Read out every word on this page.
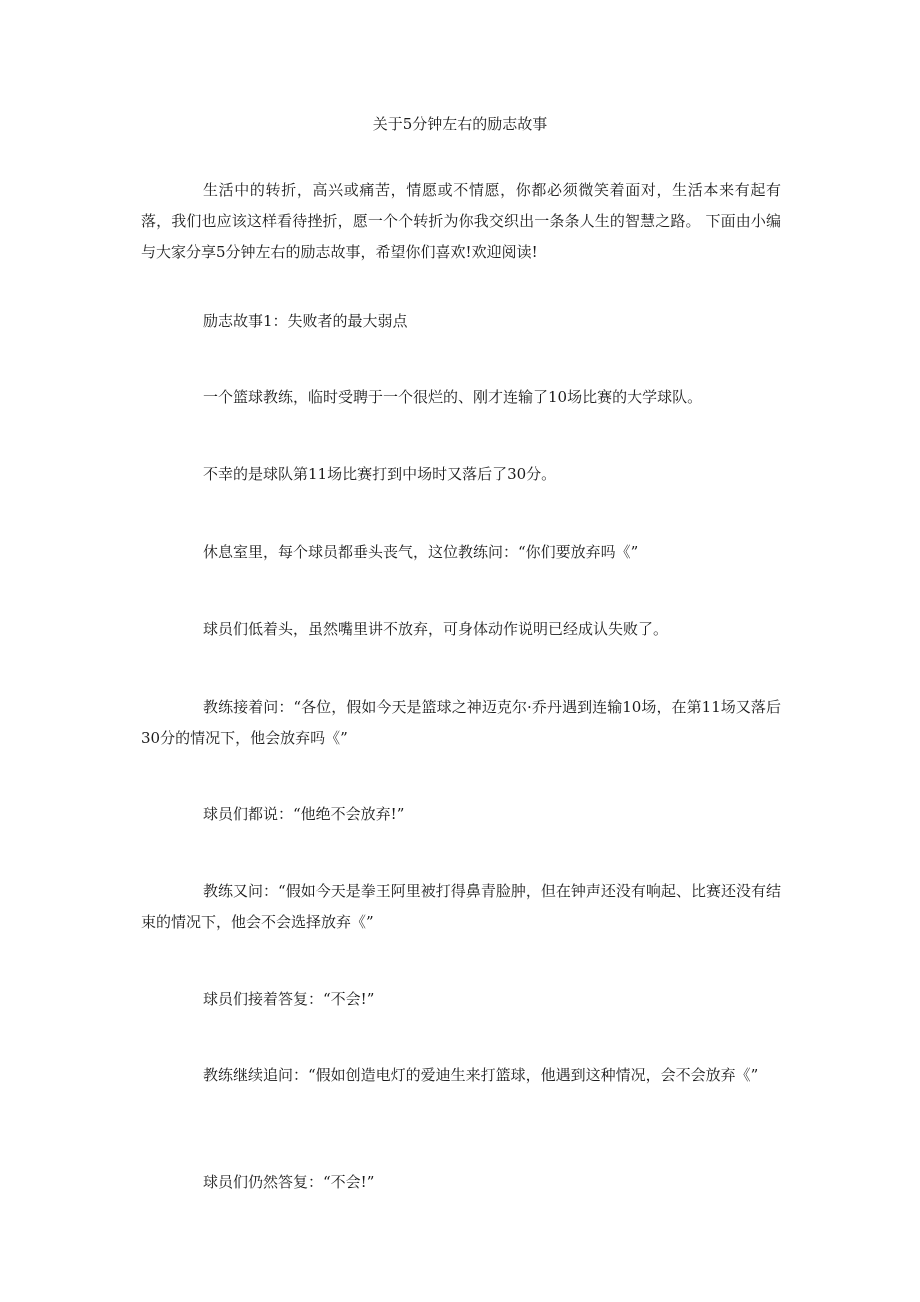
关于5分钟左右的励志故事

生活中的转折，高兴或痛苦，情愿或不情愿，你都必须微笑着面对，生活本来有起有落，我们也应该这样看待挫折，愿一个个转折为你我交织出一条条人生的智慧之路。 下面由小编与大家分享5分钟左右的励志故事，希望你们喜欢!欢迎阅读!

励志故事1：失败者的最大弱点

一个篮球教练，临时受聘于一个很烂的、刚才连输了10场比赛的大学球队。

不幸的是球队第11场比赛打到中场时又落后了30分。

休息室里，每个球员都垂头丧气，这位教练问：“你们要放弃吗《”

球员们低着头，虽然嘴里讲不放弃，可身体动作说明已经成认失败了。

教练接着问：“各位，假如今天是篮球之神迈克尔·乔丹遇到连输10场，在第11场又落后30分的情况下，他会放弃吗《”

球员们都说：“他绝不会放弃!”

教练又问：“假如今天是拳王阿里被打得鼻青脸肿，但在钟声还没有响起、比赛还没有结束的情况下，他会不会选择放弃《”

球员们接着答复：“不会!”

教练继续追问：“假如创造电灯的爱迪生来打篮球，他遇到这种情况，会不会放弃《”

球员们仍然答复：“不会!”
